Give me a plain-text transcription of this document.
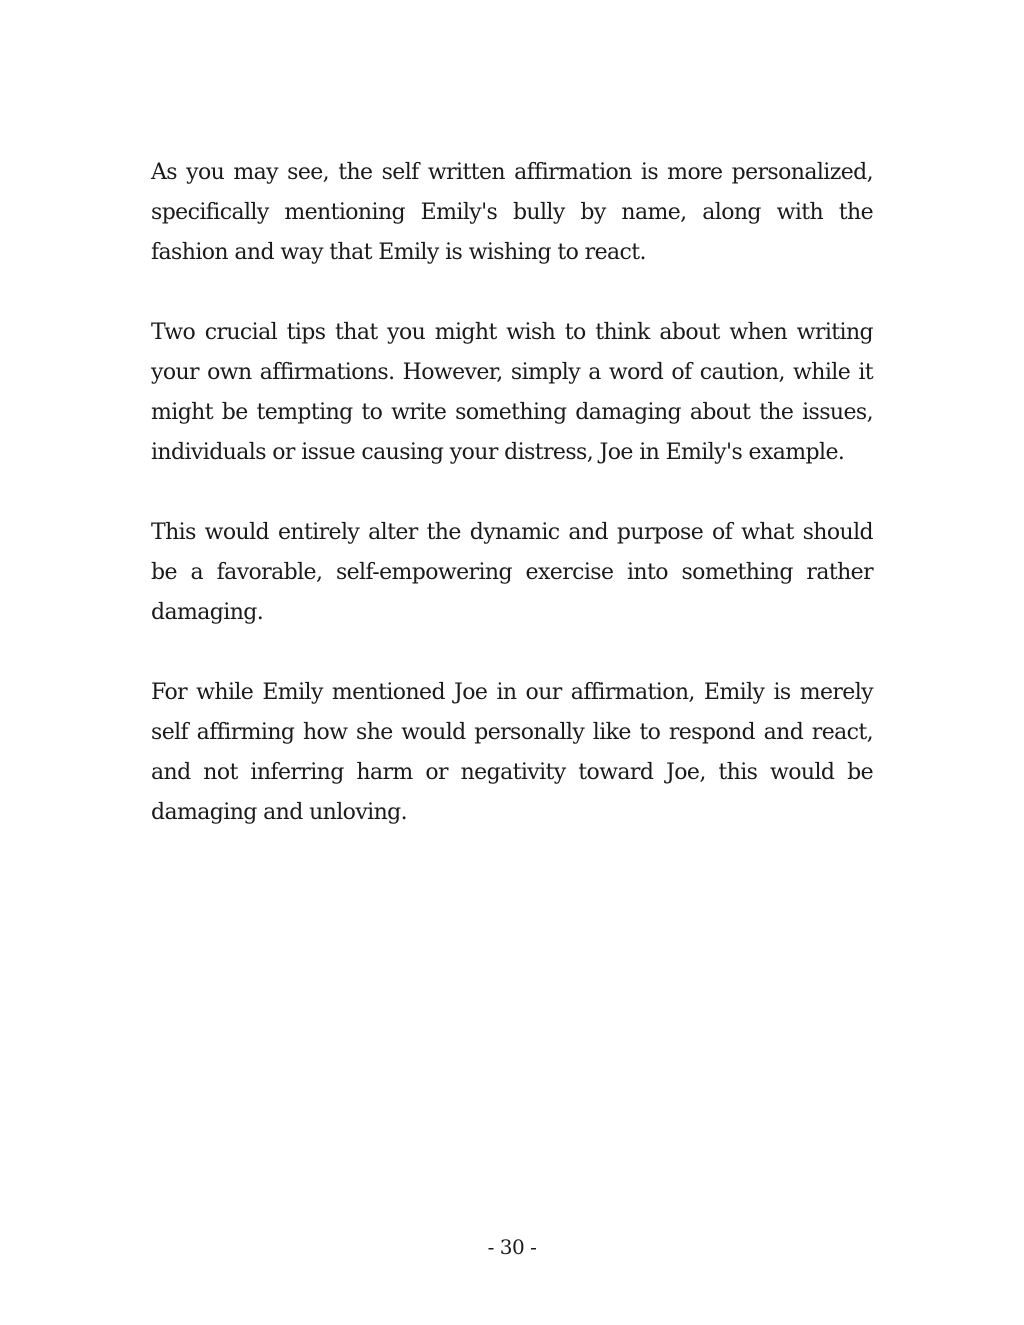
As you may see, the self written affirmation is more personalized, specifically mentioning Emily's bully by name, along with the fashion and way that Emily is wishing to react.

Two crucial tips that you might wish to think about when writing your own affirmations. However, simply a word of caution, while it might be tempting to write something damaging about the issues, individuals or issue causing your distress, Joe in Emily's example.

This would entirely alter the dynamic and purpose of what should be a favorable, self-empowering exercise into something rather damaging.

For while Emily mentioned Joe in our affirmation, Emily is merely self affirming how she would personally like to respond and react, and not inferring harm or negativity toward Joe, this would be damaging and unloving.

- 30 -
